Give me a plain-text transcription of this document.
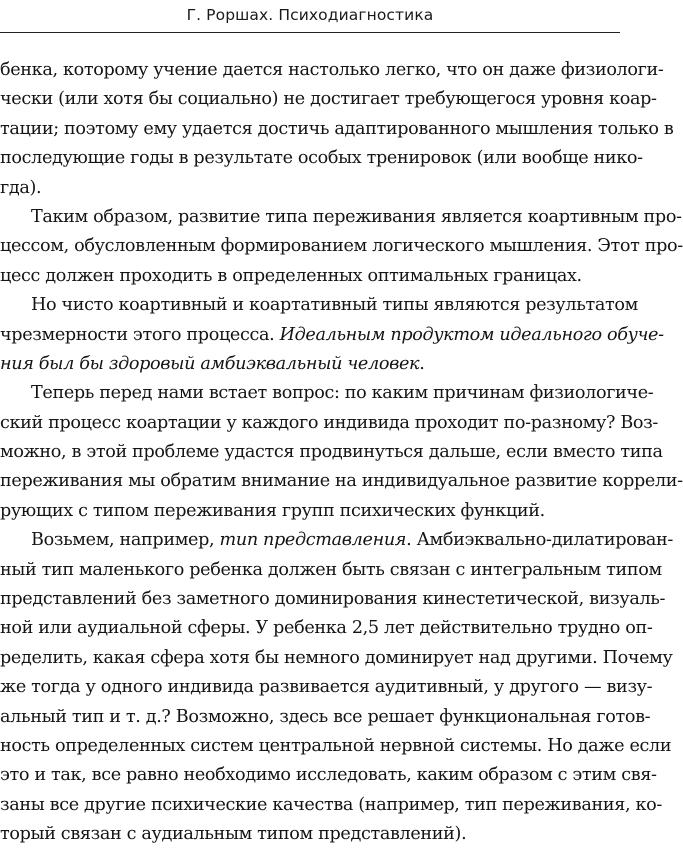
Г. Роршах. Психодиагностика
бенка, которому учение дается настолько легко, что он даже физиологи-
чески (или хотя бы социально) не достигает требующегося уровня коар-
тации; поэтому ему удается достичь адаптированного мышления только в
последующие годы в результате особых тренировок (или вообще нико-
гда).
Таким образом, развитие типа переживания является коартивным про-
цессом, обусловленным формированием логического мышления. Этот про-
цесс должен проходить в определенных оптимальных границах.
Но чисто коартивный и коартативный типы являются результатом
чрезмерности этого процесса. Идеальным продуктом идеального обуче-
ния был бы здоровый амбиэквальный человек.
Теперь перед нами встает вопрос: по каким причинам физиологиче-
ский процесс коартации у каждого индивида проходит по-разному? Воз-
можно, в этой проблеме удастся продвинуться дальше, если вместо типа
переживания мы обратим внимание на индивидуальное развитие коррели-
рующих с типом переживания групп психических функций.
Возьмем, например, тип представления. Амбиэквально-дилатирован-
ный тип маленького ребенка должен быть связан с интегральным типом
представлений без заметного доминирования кинестетической, визуаль-
ной или аудиальной сферы. У ребенка 2,5 лет действительно трудно оп-
ределить, какая сфера хотя бы немного доминирует над другими. Почему
же тогда у одного индивида развивается аудитивный, у другого — визу-
альный тип и т. д.? Возможно, здесь все решает функциональная готов-
ность определенных систем центральной нервной системы. Но даже если
это и так, все равно необходимо исследовать, каким образом с этим свя-
заны все другие психические качества (например, тип переживания, ко-
торый связан с аудиальным типом представлений).
